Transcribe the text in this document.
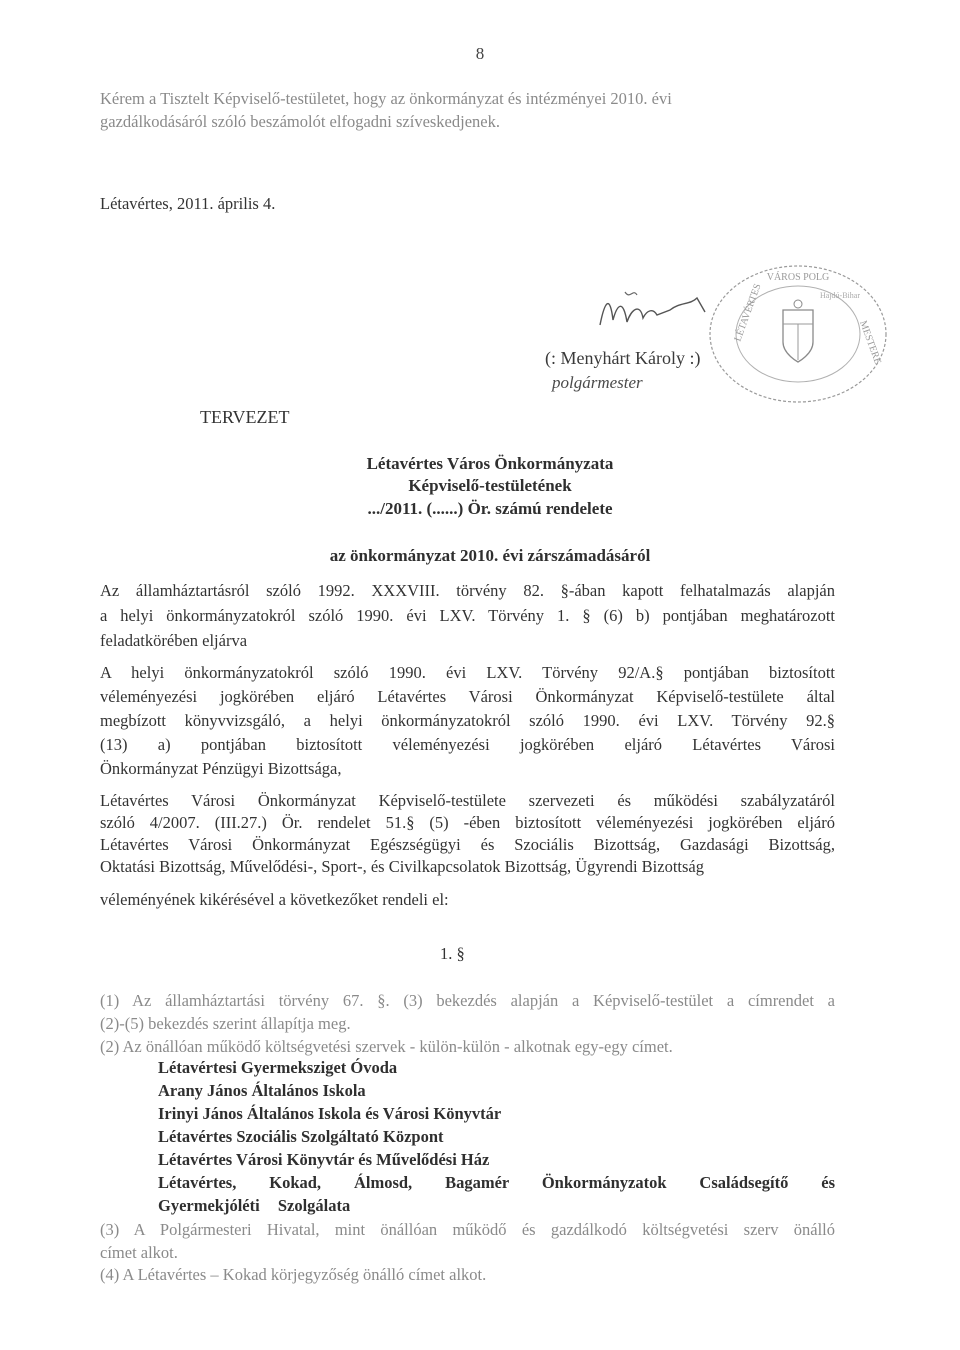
8
Kérem a Tisztelt Képviselő-testületet, hogy az önkormányzat és intézményei 2010. évi
gazdálkodásáról szóló beszámolót elfogadni szíveskedjenek.
Létavértes, 2011. április 4.
VÁROS POLG
LÉTAVÉRTES	MESTERE
Hajdú-Bihar
(: Menyhárt Károly :)
polgármester
TERVEZET
Létavértes Város Önkormányzata
Képviselő-testületének
.../2011. (......) Ör. számú rendelete
az önkormányzat 2010. évi zárszámadásáról
Az államháztartásról szóló 1992. XXXVIII. törvény 82. §-ában kapott felhatalmazás alapján
a helyi önkormányzatokról szóló 1990. évi LXV. Törvény 1. § (6) b) pontjában meghatározott
feladatkörében eljárva
A helyi önkormányzatokról szóló 1990. évi LXV. Törvény 92/A.§ pontjában biztosított
véleményezési jogkörében eljáró Létavértes Városi Önkormányzat Képviselő-testülete által
megbízott könyvvizsgáló, a helyi önkormányzatokról szóló 1990. évi LXV. Törvény 92.§
(13) a) pontjában biztosított véleményezési jogkörében eljáró Létavértes Városi
Önkormányzat Pénzügyi Bizottsága,
Létavértes Városi Önkormányzat Képviselő-testülete szervezeti és működési szabályzatáról
szóló 4/2007. (III.27.) Ör. rendelet 51.§ (5) -ében biztosított véleményezési jogkörében eljáró
Létavértes Városi Önkormányzat Egészségügyi és Szociális Bizottság, Gazdasági Bizottság,
Oktatási Bizottság, Művelődési-, Sport-, és Civilkapcsolatok Bizottság, Ügyrendi Bizottság
véleményének kikérésével a következőket rendeli el:
1. §
(1) Az államháztartási törvény 67. §. (3) bekezdés alapján a Képviselő-testület a címrendet a
(2)-(5) bekezdés szerint állapítja meg.
(2) Az önállóan működő költségvetési szervek - külön-külön - alkotnak egy-egy címet.
Létavértesi Gyermeksziget Óvoda
Arany János Általános Iskola
Irinyi János Általános Iskola és Városi Könyvtár
Létavértes Szociális Szolgáltató Központ
Létavértes Városi Könyvtár és Művelődési Ház
Létavértes, Kokad, Álmosd, Bagamér Önkormányzatok Családsegítő és
Gyermekjóléti Szolgálata
(3) A Polgármesteri Hivatal, mint önállóan működő és gazdálkodó költségvetési szerv önálló
címet alkot.
(4) A Létavértes – Kokad körjegyzőség önálló címet alkot.
